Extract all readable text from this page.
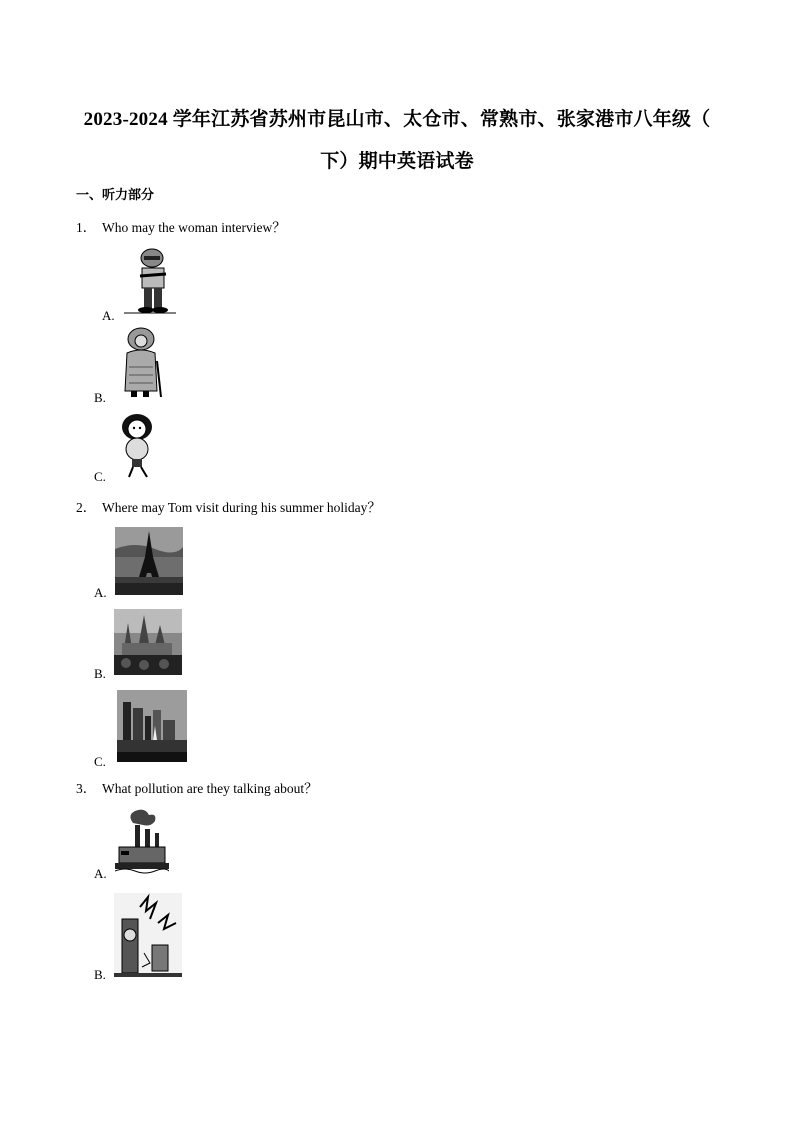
2023-2024 学年江苏省苏州市昆山市、太仓市、常熟市、张家港市八年级（
下）期中英语试卷
一、听力部分
1． Who may the woman interview？
A.
B.
C.
2． Where may Tom visit during his summer holiday？
A.
B.
C.
3． What pollution are they talking about？
A.
B.
